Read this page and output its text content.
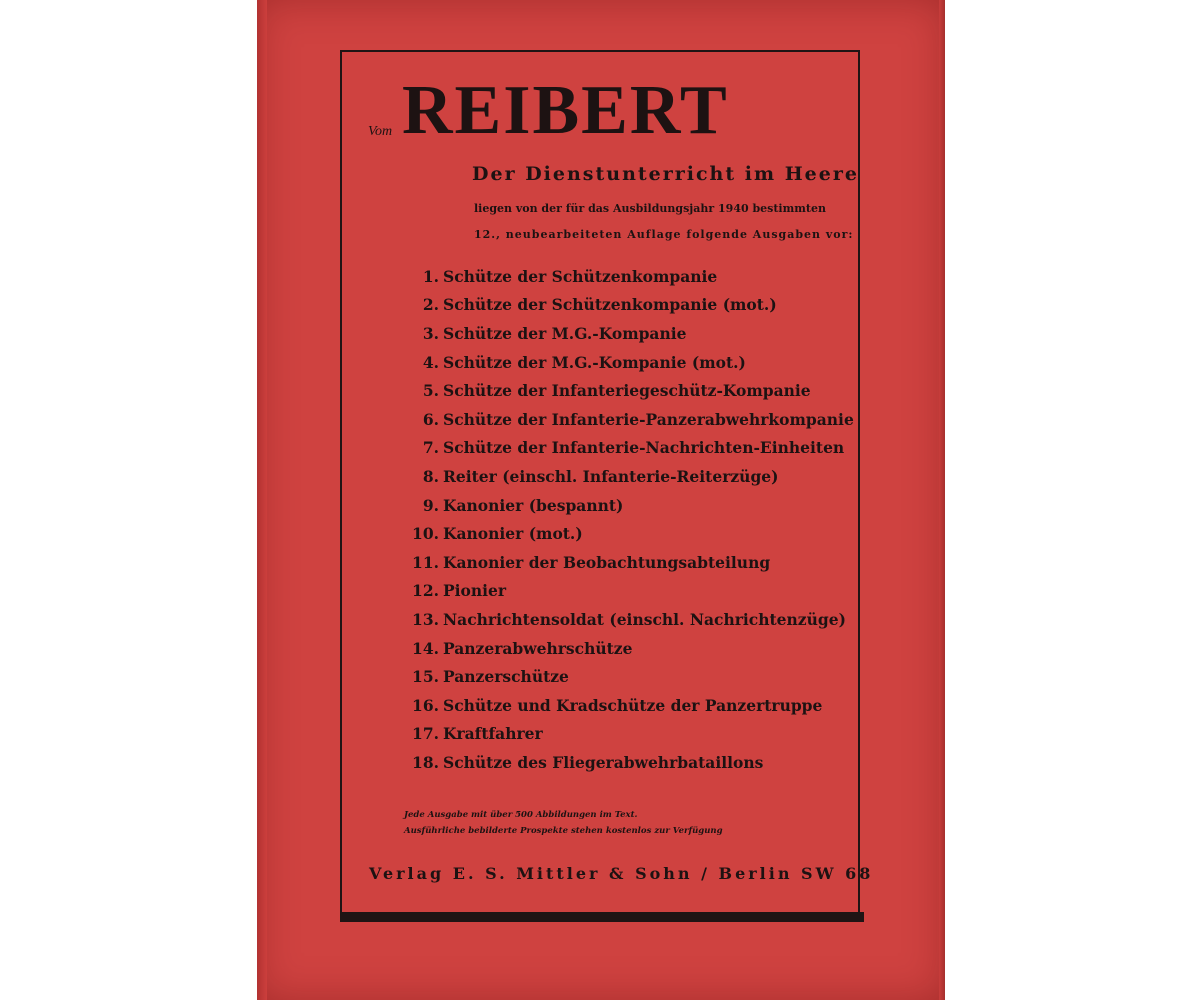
Vom REIBERT
Der Dienstunterricht im Heere
liegen von der für das Ausbildungsjahr 1940 bestimmten
12., neubearbeiteten Auflage folgende Ausgaben vor:
1. Schütze der Schützenkompanie
2. Schütze der Schützenkompanie (mot.)
3. Schütze der M.G.-Kompanie
4. Schütze der M.G.-Kompanie (mot.)
5. Schütze der Infanteriegeschütz-Kompanie
6. Schütze der Infanterie-Panzerabwehrkompanie
7. Schütze der Infanterie-Nachrichten-Einheiten
8. Reiter (einschl. Infanterie-Reiterzüge)
9. Kanonier (bespannt)
10. Kanonier (mot.)
11. Kanonier der Beobachtungsabteilung
12. Pionier
13. Nachrichtensoldat (einschl. Nachrichtenzüge)
14. Panzerabwehrschütze
15. Panzerschütze
16. Schütze und Kradschütze der Panzertruppe
17. Kraftfahrer
18. Schütze des Fliegerabwehrbataillons
Jede Ausgabe mit über 500 Abbildungen im Text.
Ausführliche bebilderte Prospekte stehen kostenlos zur Verfügung
Verlag E. S. Mittler & Sohn / Berlin SW 68
